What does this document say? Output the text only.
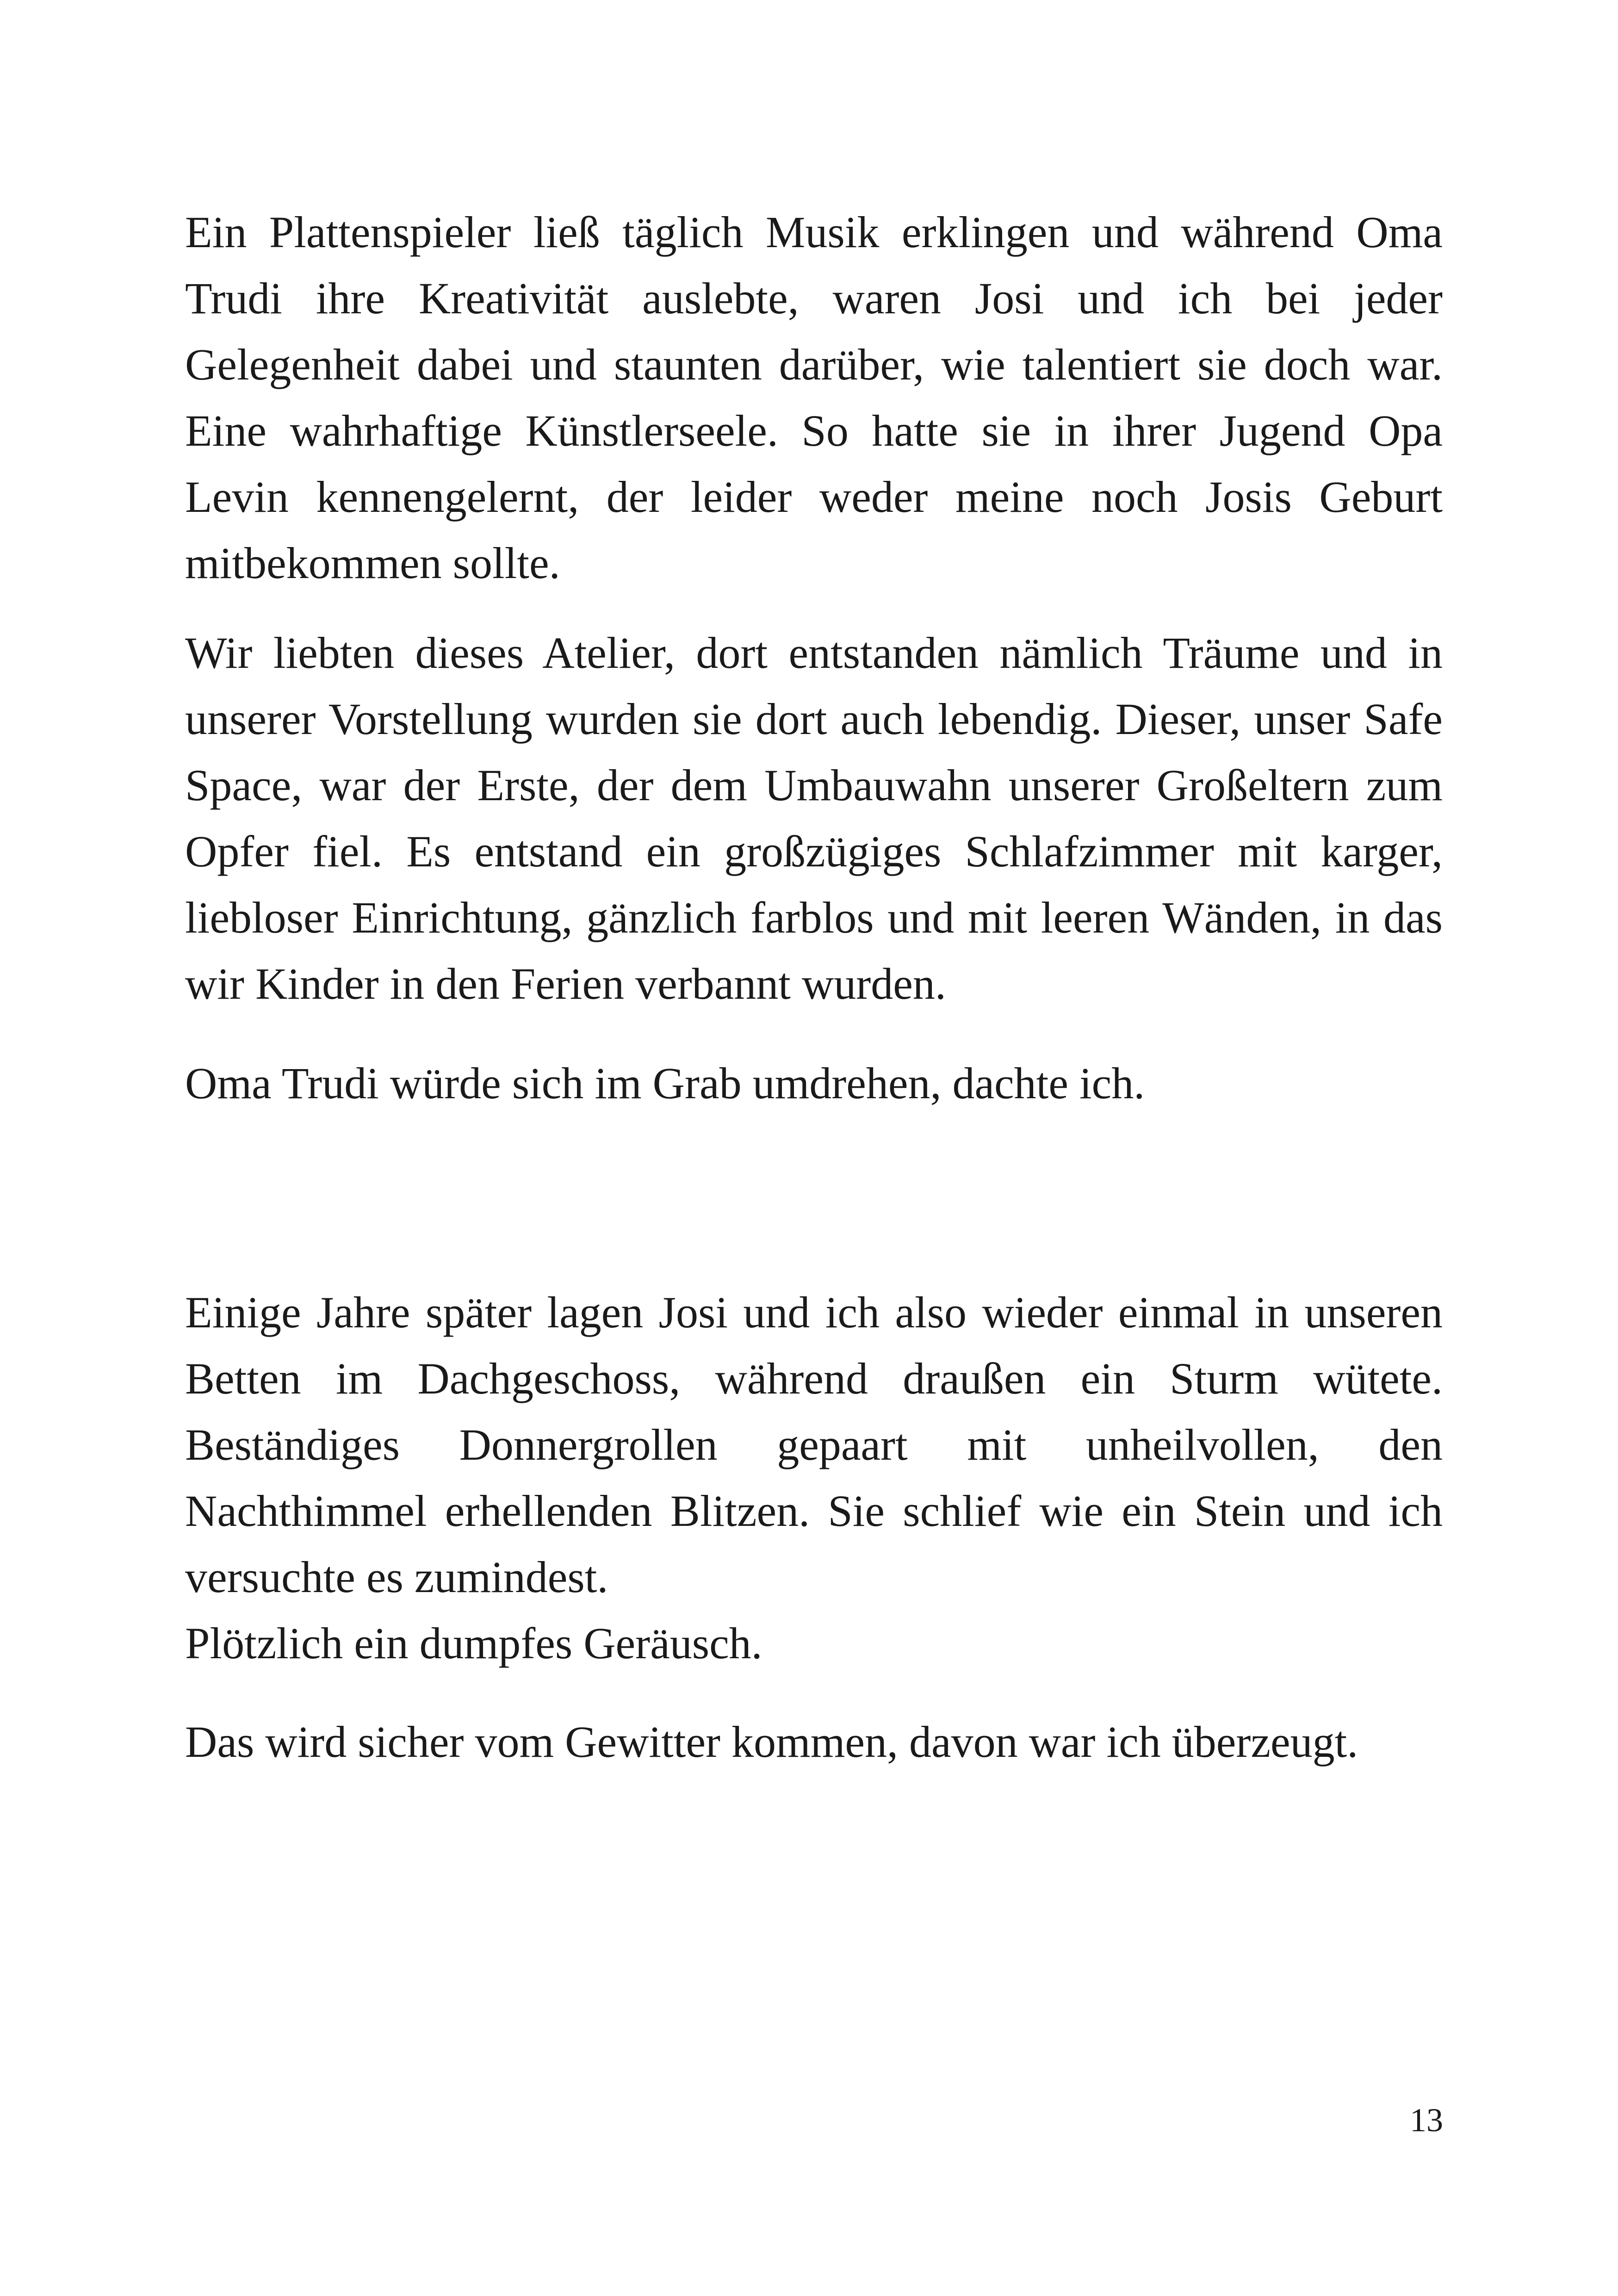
Ein Plattenspieler ließ täglich Musik erklingen und während Oma Trudi ihre Kreativität auslebte, waren Josi und ich bei jeder Gelegenheit dabei und staunten darüber, wie talentiert sie doch war. Eine wahrhaftige Künstlerseele. So hatte sie in ihrer Jugend Opa Levin kennengelernt, der leider weder meine noch Josis Geburt mitbekommen sollte.

Wir liebten dieses Atelier, dort entstanden nämlich Träume und in unserer Vorstellung wurden sie dort auch lebendig. Dieser, unser Safe Space, war der Erste, der dem Umbauwahn unserer Großeltern zum Opfer fiel. Es entstand ein großzügiges Schlafzimmer mit karger, liebloser Einrichtung, gänzlich farblos und mit leeren Wänden, in das wir Kinder in den Ferien verbannt wurden.

Oma Trudi würde sich im Grab umdrehen, dachte ich.

Einige Jahre später lagen Josi und ich also wieder einmal in unseren Betten im Dachgeschoss, während draußen ein Sturm wütete. Beständiges Donnergrollen gepaart mit unheilvollen, den Nachthimmel erhellenden Blitzen. Sie schlief wie ein Stein und ich versuchte es zumindest.

Plötzlich ein dumpfes Geräusch.

Das wird sicher vom Gewitter kommen, davon war ich überzeugt.

13
